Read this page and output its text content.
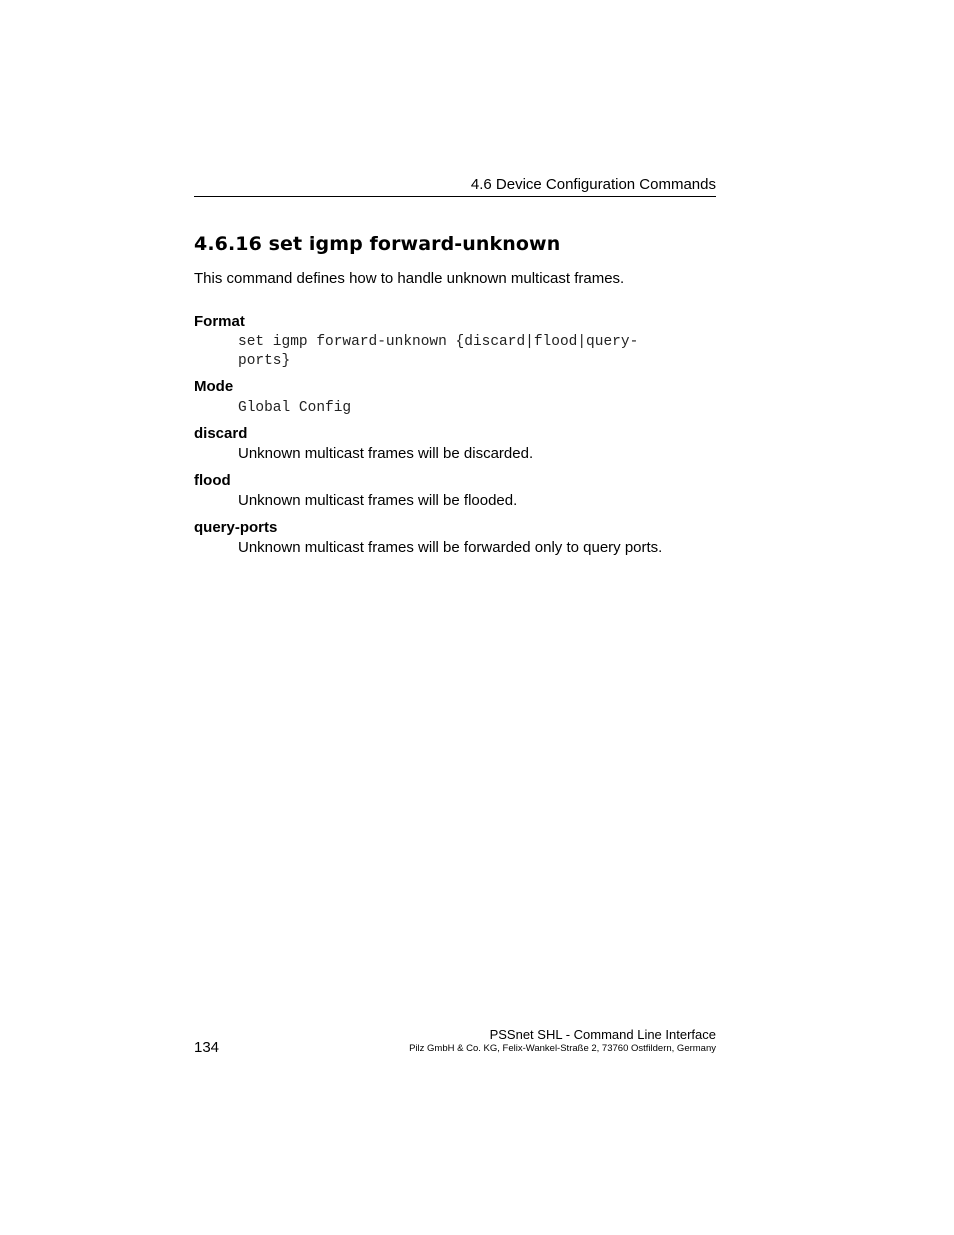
4.6 Device Configuration Commands
4.6.16 set igmp forward-unknown
This command defines how to handle unknown multicast frames.
Format
set igmp forward-unknown {discard|flood|query-
ports}
Mode
Global Config
discard
Unknown multicast frames will be discarded.
flood
Unknown multicast frames will be flooded.
query-ports
Unknown multicast frames will be forwarded only to query ports.
134
PSSnet SHL - Command Line Interface
Pilz GmbH & Co. KG, Felix-Wankel-Straße 2, 73760 Ostfildern, Germany
